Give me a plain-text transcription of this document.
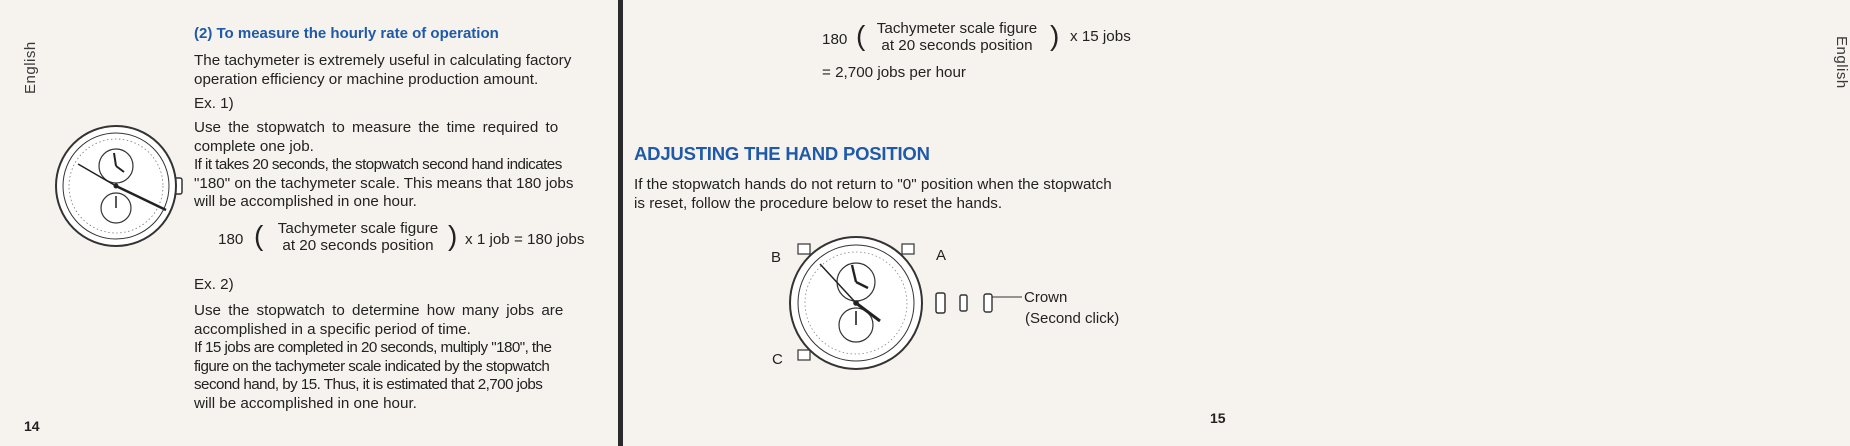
English
(2) To measure the hourly rate of operation
The tachymeter is extremely useful in calculating factory
operation efficiency or machine production amount.
Ex. 1)
Use the stopwatch to measure the time required to
complete one job.
If it takes 20 seconds, the stopwatch second hand indicates
"180" on the tachymeter scale. This means that 180 jobs
will be accomplished in one hour.
180 ( Tachymeter scale figure
at 20 seconds position ) x 1 job = 180 jobs
Ex. 2)
Use the stopwatch to determine how many jobs are
accomplished in a specific period of time.
If 15 jobs are completed in 20 seconds, multiply "180", the
figure on the tachymeter scale indicated by the stopwatch
second hand, by 15. Thus, it is estimated that 2,700 jobs
will be accomplished in one hour.
14
180 ( Tachymeter scale figure
at 20 seconds position ) x 15 jobs
= 2,700 jobs per hour	English
15
ADJUSTING THE HAND POSITION
If the stopwatch hands do not return to "0" position when the stopwatch
is reset, follow the procedure below to reset the hands.
B	A
C
Crown
(Second click)
